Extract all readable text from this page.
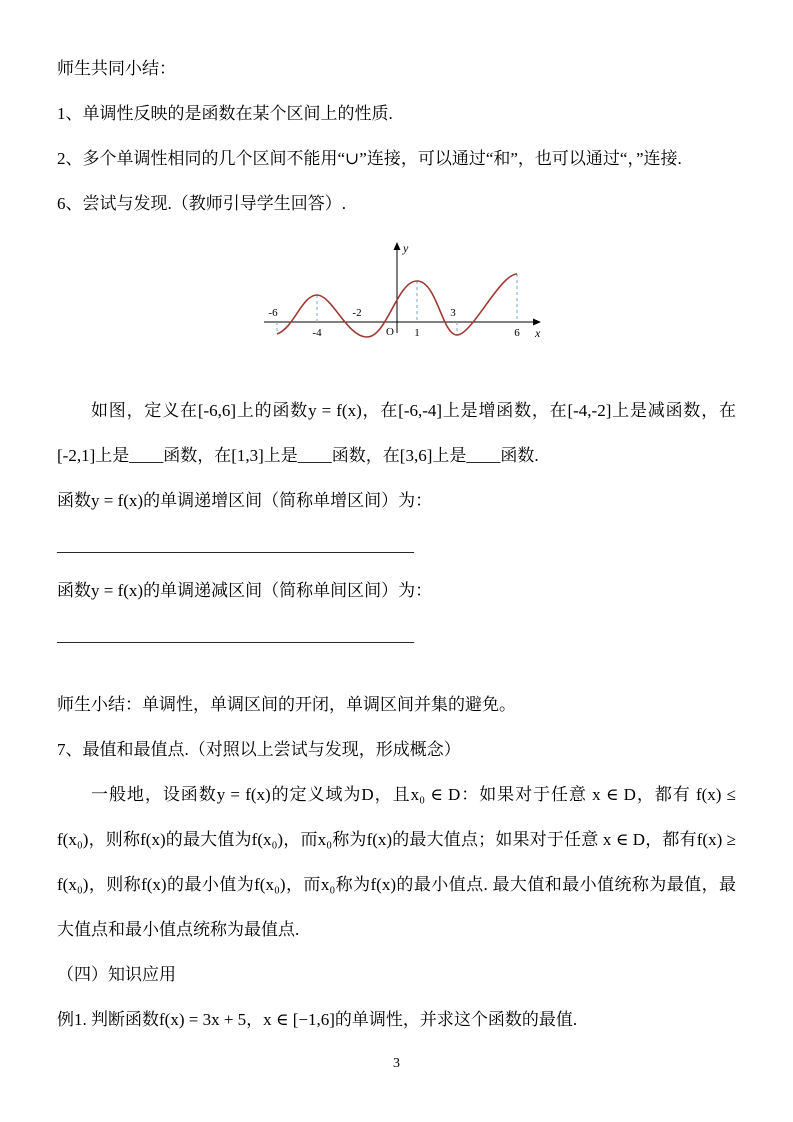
师生共同小结：

1、单调性反映的是函数在某个区间上的性质.

2、多个单调性相同的几个区间不能用“∪”连接，可以通过“和”，也可以通过“，”连接.

6、尝试与发现.（教师引导学生回答）.

-6
-4
-2
O 1
3
6
y
x

如图，定义在[-6,6]上的函数y = f(x)，在[-6,-4]上是增函数，在[-4,-2]上是减函数，在[-2,1]上是____函数，在[1,3]上是____函数，在[3,6]上是____函数.

函数y = f(x)的单调递增区间（简称单增区间）为：

__________________________________________

函数y = f(x)的单调递减区间（简称单间区间）为：

__________________________________________

师生小结：单调性，单调区间的开闭，单调区间并集的避免。

7、最值和最值点.（对照以上尝试与发现，形成概念）

一般地，设函数y = f(x)的定义域为D，且x₀ ∈ D：如果对于任意 x ∈ D，都有 f(x) ≤ f(x₀)，则称f(x)的最大值为f(x₀)，而x₀称为f(x)的最大值点；如果对于任意 x ∈ D，都有f(x) ≥ f(x₀)，则称f(x)的最小值为f(x₀)，而x₀称为f(x)的最小值点. 最大值和最小值统称为最值，最大值点和最小值点统称为最值点.

（四）知识应用

例1. 判断函数f(x) = 3x + 5，x ∈ [−1,6]的单调性，并求这个函数的最值.

3
